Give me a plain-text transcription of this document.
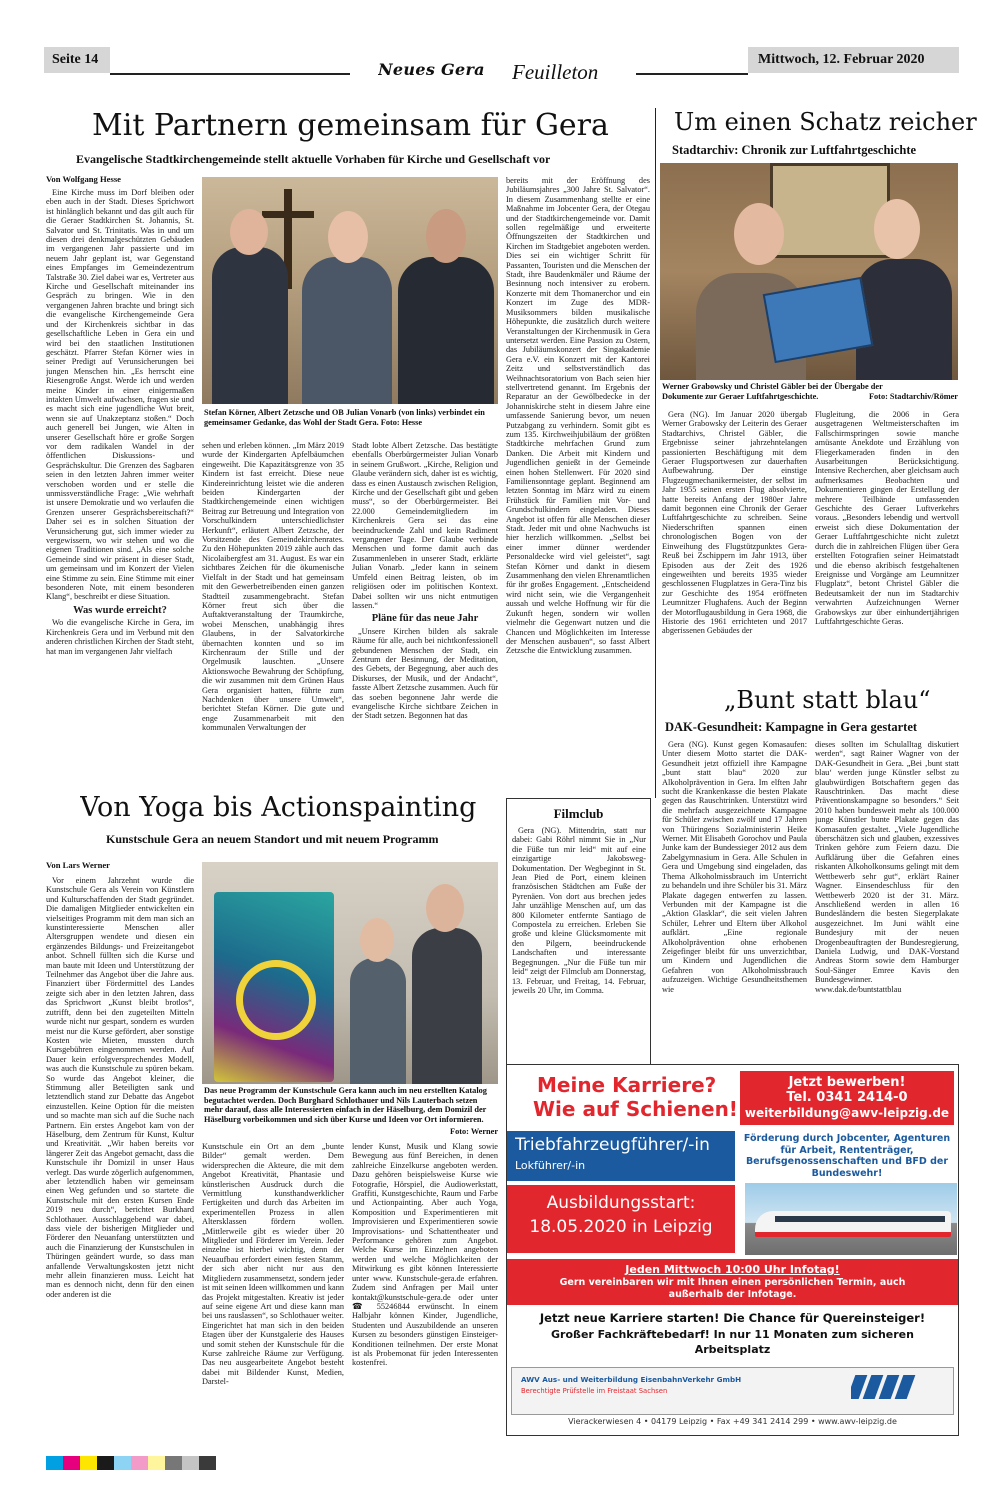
Seite 14
Neues Gera Feuilleton
Mittwoch, 12. Februar 2020
Mit Partnern gemeinsam für Gera
Evangelische Stadtkirchengemeinde stellt aktuelle Vorhaben für Kirche und Gesellschaft vor
Von Wolfgang Hesse

Eine Kirche muss im Dorf bleiben oder eben auch in der Stadt. Dieses Sprichwort ist hinlänglich bekannt und das gilt auch für die Geraer Stadtkirchen St. Johannis, St. Salvator und St. Trinitatis. Was in und um diesen drei denkmalgeschützten Gebäuden im vergangenen Jahr passierte und im neuem Jahr geplant ist, war Gegenstand eines Empfanges im Gemeindezentrum Talstraße 30. Ziel dabei war es, Vertreter aus Kirche und Gesellschaft miteinander ins Gespräch zu bringen. Wie in den vergangenen Jahren brachte und bringt sich die evangelische Kirchengemeinde Gera und der Kirchenkreis sichtbar in das gesellschaftliche Leben in Gera ein und wird bei den staatlichen Institutionen geschätzt. Pfarrer Stefan Körner wies in seiner Predigt auf Verunsicherungen bei jungen Menschen hin. „Es herrscht eine Riesengroße Angst. Werde ich und werden meine Kinder in einer einigermaßen intakten Umwelt aufwachsen, fragen sie und es macht sich eine jugendliche Wut breit, wenn sie auf Unakzeptanz stoßen.“ Doch auch generell bei Jungen, wie Alten in unserer Gesellschaft höre er große Sorgen vor dem radikalen Wandel in der öffentlichen Diskussions- und Gesprächskultur. Die Grenzen des Sagbaren seien in den letzten Jahren immer weiter verschoben worden und er stelle die unmissverständliche Frage: „Wie wehrhaft ist unsere Demokratie und wo verlaufen die Grenzen unserer Gesprächsbereitschaft?“ Daher sei es in solchen Situation der Verunsicherung gut, sich immer wieder zu vergewissern, wo wir stehen und wo die eigenen Traditionen sind. „Als eine solche Gemeinde sind wir präsent in dieser Stadt, um gemeinsam und im Konzert der Vielen eine Stimme zu sein. Eine Stimme mit einer besonderen Note, mit einem besonderen Klang“, beschreibt er diese Situation.

Was wurde erreicht?

Wo die evangelische Kirche in Gera, im Kirchenkreis Gera und im Verbund mit den anderen christlichen Kirchen der Stadt steht, hat man im vergangenen Jahr vielfach

Stefan Körner, Albert Zetzsche und OB Julian Vonarb (von links) verbindet ein gemeinsamer Gedanke, das Wohl der Stadt Gera. Foto: Hesse

sehen und erleben können. „Im März 2019 wurde der Kindergarten Apfelbäumchen eingeweiht. Die Kapazitätsgrenze von 35 Kindern ist fast erreicht. Diese neue Kindereinrichtung leistet wie die anderen beiden Kindergarten der Stadtkirchengemeinde einen wichtigen Beitrag zur Betreuung und Integration von Vorschulkindern unterschiedlichster Herkunft“, erläutert Albert Zetzsche, der Vorsitzende des Gemeindekirchenrates. Zu den Höhepunkten 2019 zähle auch das Nicolaibergfest am 31. August. Es war ein sichtbares Zeichen für die ökumenische Vielfalt in der Stadt und hat gemeinsam mit den Gewerbetreibenden einen ganzen Stadtteil zusammengebracht. Stefan Körner freut sich über die Auftaktveranstaltung der Traumkirche, wobei Menschen, unabhängig ihres Glaubens, in der Salvatorkirche übernachten konnten und so im Kirchenraum der Stille und der Orgelmusik lauschten. „Unsere Aktionswoche Bewahrung der Schöpfung, die wir zusammen mit dem Grünen Haus Gera organisiert hatten, führte zum Nachdenken über unsere Umwelt“, berichtet Stefan Körner. Die gute und enge Zusammenarbeit mit den kommunalen Verwaltungen der

Stadt lobte Albert Zetzsche. Das bestätigte ebenfalls Oberbürgermeister Julian Vonarb in seinem Grußwort. „Kirche, Religion und Glaube verändern sich, daher ist es wichtig, dass es einen Austausch zwischen Religion, Kirche und der Gesellschaft gibt und geben muss“, so der Oberbürgermeister. Bei 22.000 Gemeindemitgliedern im Kirchenkreis Gera sei das eine beeindruckende Zahl und kein Radiment vergangener Tage. Der Glaube verbinde Menschen und forme damit auch das Zusammenleben in unserer Stadt, erklärte Julian Vonarb. „Jeder kann in seinem Umfeld einen Beitrag leisten, ob im religiösen oder im politischen Kontext. Dabei sollten wir uns nicht entmutigen lassen.“

Pläne für das neue Jahr

„Unsere Kirchen bilden als sakrale Räume für alle, auch bei nichtkonfessionell gebundenen Menschen der Stadt, ein Zentrum der Besinnung, der Meditation, des Gebets, der Begegnung, aber auch des Diskurses, der Musik, und der Andacht“, fasste Albert Zetzsche zusammen. Auch für das soeben begonnene Jahr werde die evangelische Kirche sichtbare Zeichen in der Stadt setzen. Begonnen hat das

bereits mit der Eröffnung des Jubiläumsjahres „300 Jahre St. Salvator“. In diesem Zusammenhang stellte er eine Maßnahme im Jobcenter Gera, der Otegau und der Stadtkirchengemeinde vor. Damit sollen regelmäßige und erweiterte Öffnungszeiten der Stadtkirchen und Kirchen im Stadtgebiet angeboten werden. Dies sei ein wichtiger Schritt für Passanten, Touristen und die Menschen der Stadt, ihre Baudenkmäler und Räume der Besinnung noch intensiver zu erobern. Konzerte mit dem Thomanerchor und ein Konzert im Zuge des MDR-Musiksommers bilden musikalische Höhepunkte, die zusätzlich durch weitere Veranstaltungen der Kirchenmusik in Gera untersetzt werden. Eine Passion zu Ostern, das Jubiläumskonzert der Singakademie Gera e.V. ein Konzert mit der Kantorei Zeitz und selbstverständlich das Weihnachtsoratorium von Bach seien hier stellvertretend genannt. Im Ergebnis der Reparatur an der Gewölbedecke in der Johanniskirche steht in diesem Jahre eine umfassende Sanierung bevor, um neuen Putzabgang zu verhindern. Somit gibt es zum 135. Kirchweihjubiläum der größten Stadtkirche mehrfachen Grund zum Danken. Die Arbeit mit Kindern und Jugendlichen genießt in der Gemeinde einen hohen Stellenwert. Für 2020 sind Familiensonntage geplant. Beginnend am letzten Sonntag im März wird zu einem Frühstück für Familien mit Vor- und Grundschulkindern eingeladen. Dieses Angebot ist offen für alle Menschen dieser Stadt. Jeder mit und ohne Nachwuchs ist hier herzlich willkommen. „Selbst bei einer immer dünner werdender Personaldecke wird viel geleistet“, sagt Stefan Körner und dankt in diesem Zusammenhang den vielen Ehrenamtlichen für ihr großes Engagement. „Entscheidend wird nicht sein, wie die Vergangenheit aussah und welche Hoffnung wir für die Zukunft hegen, sondern wir wollen vielmehr die Gegenwart nutzen und die Chancen und Möglichkeiten im Interesse der Menschen ausbauen“, so fasst Albert Zetzsche die Entwicklung zusammen.

Um einen Schatz reicher
Stadtarchiv: Chronik zur Luftfahrtgeschichte
Werner Grabowsky und Christel Gäbler bei der Übergabe der Dokumente zur Geraer Luftfahrtgeschichte.	Foto: Stadtarchiv/Römer

Gera (NG). Im Januar 2020 übergab Werner Grabowsky der Leiterin des Geraer Stadtarchivs, Christel Gäbler, die Ergebnisse seiner jahrzehntelangen passionierten Beschäftigung mit dem Geraer Flugsportwesen zur dauerhaften Aufbewahrung. Der einstige Flugzeugmechanikermeister, der selbst im Jahr 1955 seinen ersten Flug absolvierte, hatte bereits Anfang der 1980er Jahre damit begonnen eine Chronik der Geraer Luftfahrtgeschichte zu schreiben. Seine Niederschriften spannen einen chronologischen Bogen von der Einweihung des Flugstützpunktes Gera-Reuß bei Zschippern im Jahr 1913, über Episoden aus der Zeit des 1926 eingeweihten und bereits 1935 wieder geschlossenen Flugplatzes in Gera-Tinz bis zur Geschichte des 1954 eröffneten Leumnitzer Flughafens. Auch der Beginn der Motorflugausbildung in Gera 1968, die Historie des 1961 errichteten und 2017 abgerissenen Gebäudes der

Flugleitung, die 2006 in Gera ausgetragenen Weltmeisterschaften im Fallschirmspringen sowie manche amüsante Anekdote und Erzählung von Fliegerkameraden finden in den Ausarbeitungen Berücksichtigung. Intensive Recherchen, aber gleichsam auch aufmerksames Beobachten und Dokumentieren gingen der Erstellung der mehrere Teilbände umfassenden Geschichte des Geraer Luftverkehrs voraus. „Besonders lebendig und wertvoll erweist sich diese Dokumentation der Geraer Luftfahrtgeschichte nicht zuletzt durch die in zahlreichen Flügen über Gera erstellten Fotografien seiner Heimatstadt und die ebenso akribisch festgehaltenen Ereignisse und Vorgänge am Leumnitzer Flugplatz“, betont Christel Gäbler die Bedeutsamkeit der nun im Stadtarchiv verwahrten Aufzeichnungen Werner Grabowskys zur über einhundertjährigen Luftfahrtgeschichte Geras.

„Bunt statt blau“
DAK-Gesundheit: Kampagne in Gera gestartet

Gera (NG). Kunst gegen Komasaufen: Unter diesem Motto startet die DAK-Gesundheit jetzt offiziell ihre Kampagne „bunt statt blau“ 2020 zur Alkoholprävention in Gera. Im elften Jahr sucht die Krankenkasse die besten Plakate gegen das Rauschtrinken. Unterstützt wird die mehrfach ausgezeichnete Kampagne für Schüler zwischen zwölf und 17 Jahren von Thüringens Sozialministerin Heike Werner. Mit Elisabeth Gorochov und Paula Junke kam der Bundessieger 2012 aus dem Zabelgymnasium in Gera. Alle Schulen in Gera und Umgebung sind eingeladen, das Thema Alkoholmissbrauch im Unterricht zu behandeln und ihre Schüler bis 31. März Plakate dagegen entwerfen zu lassen. Verbunden mit der Kampagne ist die „Aktion Glasklar“, die seit vielen Jahren Schüler, Lehrer und Eltern über Alkohol aufklärt. „Eine regionale Alkoholprävention ohne erhobenen Zeigefinger bleibt für uns unverzichtbar, um Kindern und Jugendlichen die Gefahren von Alkoholmissbrauch aufzuzeigen. Wichtige Gesundheitsthemen wie

dieses sollten im Schulalltag diskutiert werden“, sagt Rainer Wagner von der DAK-Gesundheit in Gera. „Bei ‚bunt statt blau‘ werden junge Künstler selbst zu glaubwürdigen Botschaftern gegen das Rauschtrinken. Das macht diese Präventionskampagne so besonders.“ Seit 2010 haben bundesweit mehr als 100.000 junge Künstler bunte Plakate gegen das Komasaufen gestaltet. „Viele Jugendliche überschätzen sich und glauben, exzessives Trinken gehöre zum Feiern dazu. Die Aufklärung über die Gefahren eines riskanten Alkoholkonsums gelingt mit dem Wettbewerb sehr gut“, erklärt Rainer Wagner. Einsendeschluss für den Wettbewerb 2020 ist der 31. März. Anschließend werden in allen 16 Bundesländern die besten Siegerplakate ausgezeichnet. Im Juni wählt eine Bundesjury mit der neuen Drogenbeauftragten der Bundesregierung, Daniela Ludwig, und DAK-Vorstand Andreas Storm sowie dem Hamburger Soul-Sänger Emree Kavis den Bundesgewinner. www.dak.de/buntstattblau

Von Yoga bis Actionspainting
Kunstschule Gera an neuem Standort und mit neuem Programm
Von Lars Werner

Vor einem Jahrzehnt wurde die Kunstschule Gera als Verein von Künstlern und Kulturschaffenden der Stadt gegründet. Die damaligen Mitglieder entwickelten ein vielseitiges Programm mit dem man sich an kunstinteressierte Menschen aller Altersgruppen wendete und diesen ein ergänzendes Bildungs- und Freizeitangebot anbot. Schnell füllten sich die Kurse und man baute mit Ideen und Unterstützung der Teilnehmer das Angebot über die Jahre aus. Finanziert über Fördermittel des Landes zeigte sich aber in den letzten Jahren, dass das Sprichwort „Kunst bleibt brotlos“, zutrifft, denn bei den zugeteilten Mitteln wurde nicht nur gespart, sondern es wurden meist nur die Kurse gefördert, aber sonstige Kosten wie Mieten, mussten durch Kursgebühren eingenommen werden. Auf Dauer kein erfolgversprechendes Modell, was auch die Kunstschule zu spüren bekam. So wurde das Angebot kleiner, die Stimmung aller Beteiligten sank und letztendlich stand zur Debatte das Angebot einzustellen. Keine Option für die meisten und so machte man sich auf die Suche nach Partnern. Ein erstes Angebot kam von der Häselburg, dem Zentrum für Kunst, Kultur und Kreativität. „Wir haben bereits vor längerer Zeit das Angebot gemacht, dass die Kunstschule ihr Domizil in unser Haus verlegt. Das wurde zögerlich aufgenommen, aber letztendlich haben wir gemeinsam einen Weg gefunden und so startete die Kunstschule mit den ersten Kursen Ende 2019 neu durch“, berichtet Burkhard Schlothauer. Ausschlaggebend war dabei, dass viele der bisherigen Mitglieder und Förderer den Neuanfang unterstützten und auch die Finanzierung der Kunstschulen in Thüringen geändert wurde, so dass man anfallende Verwaltungskosten jetzt nicht mehr allein finanzieren muss. Leicht hat man es dennoch nicht, denn für den einen oder anderen ist die

Das neue Programm der Kunstschule Gera kann auch im neu erstellten Katalog begutachtet werden. Doch Burghard Schlothauer und Nils Lauterbach setzen mehr darauf, dass alle Interessierten einfach in der Häselburg, dem Domizil der Häselburg vorbeikommen und sich über Kurse und Ideen vor Ort informieren.
Foto: Werner

Kunstschule ein Ort an dem „bunte Bilder“ gemalt werden. Dem widersprechen die Akteure, die mit dem Angebot Kreativität, Phantasie und künstlerischen Ausdruck durch die Vermittlung kunsthandwerklicher Fertigkeiten und durch das Arbeiten im experimentellen Prozess in allen Altersklassen fördern wollen. „Mittlerweile gibt es wieder über 20 Mitglieder und Förderer im Verein. Jeder einzelne ist hierbei wichtig, denn der Neuaufbau erfordert einen festen Stamm, der sich aber nicht nur aus den Mitgliedern zusammensetzt, sondern jeder ist mit seinen Ideen willkommen und kann das Projekt mitgestalten. Kreativ ist jeder auf seine eigene Art und diese kann man bei uns rauslassen“, so Schlothauer weiter. Eingerichtet hat man sich in den beiden Etagen über der Kunstgalerie des Hauses und somit stehen der Kunstschule für die Kurse zahlreiche Räume zur Verfügung. Das neu ausgearbeitete Angebot besteht dabei mit Bildender Kunst, Medien, Darstel-

lender Kunst, Musik und Klang sowie Bewegung aus fünf Bereichen, in denen zahlreiche Einzelkurse angeboten werden. Dazu gehören beispielsweise Kurse wie Fotografie, Hörspiel, die Audiowerkstatt, Graffiti, Kunstgeschichte, Raum und Farbe und Actionpainting. Aber auch Yoga, Komposition und Experimentieren mit Improvisieren und Experimentieren sowie Improvisations- und Schattentheater und Performance gehören zum Angebot. Welche Kurse im Einzelnen angeboten werden und welche Möglichkeiten der Mitwirkung es gibt können Interessierte unter www. Kunstschule-gera.de erfahren. Zudem sind Anfragen per Mail unter kontakt@kunstschule-gera.de oder unter ☎ 55246844 erwünscht. In einem Halbjahr können Kinder, Jugendliche, Studenten und Auszubildende an unseren Kursen zu besonders günstigen Einsteiger-Konditionen teilnehmen. Der erste Monat ist als Probemonat für jeden Interessenten kostenfrei.

Filmclub

Gera (NG). Mittendrin, statt nur dabei: Gabi Röhrl nimmt Sie in „Nur die Füße tun mir leid“ mit auf eine einzigartige Jakobsweg-Dokumentation. Der Wegbeginnt in St. Jean Pied de Port, einem kleinen französischen Städtchen am Fuße der Pyrenäen. Von dort aus brechen jedes Jahr unzählige Menschen auf, um das 800 Kilometer entfernte Santiago de Compostela zu erreichen. Erleben Sie große und kleine Glücksmomente mit den Pilgern, beeindruckende Landschaften und interessante Begegnungen. „Nur die Füße tun mir leid“ zeigt der Filmclub am Donnerstag, 13. Februar, und Freitag, 14. Februar, jeweils 20 Uhr, im Comma.

Meine Karriere?
Wie auf Schienen!
Jetzt bewerben!
Tel. 0341 2414-0
weiterbildung@awv-leipzig.de
Triebfahrzeugführer/-in
Lokführer/-in
Förderung durch Jobcenter, Agenturen für Arbeit, Rententräger, Berufsgenossenschaften und BFD der Bundeswehr!
Ausbildungsstart:
18.05.2020 in Leipzig
Jeden Mittwoch 10:00 Uhr Infotag!
Gern vereinbaren wir mit Ihnen einen persönlichen Termin, auch außerhalb der Infotage.
Jetzt neue Karriere starten! Die Chance für Quereinsteiger!
Großer Fachkräftebedarf! In nur 11 Monaten zum sicheren Arbeitsplatz
AWV Aus- und Weiterbildung EisenbahnVerkehr GmbH
Berechtigte Prüfstelle im Freistaat Sachsen
Vierackerwiesen 4 • 04179 Leipzig • Fax +49 341 2414 299 • www.awv-leipzig.de
